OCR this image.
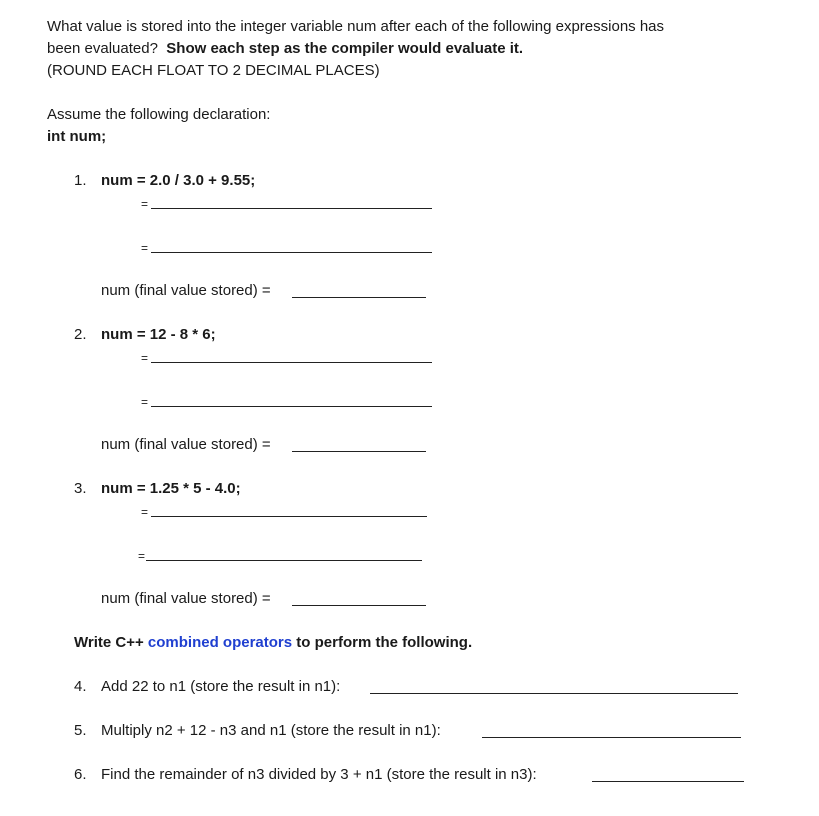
What value is stored into the integer variable num after each of the following expressions has
been evaluated? Show each step as the compiler would evaluate it.
(ROUND EACH FLOAT TO 2 DECIMAL PLACES)
Assume the following declaration:
int num;
1. num = 2.0 / 3.0 + 9.55;
=
=
num (final value stored) =
2. num = 12 - 8 * 6;
=
=
num (final value stored) =
3. num = 1.25 * 5 - 4.0;
=
=
num (final value stored) =
Write C++ combined operators to perform the following.
4. Add 22 to n1 (store the result in n1):
5. Multiply n2 + 12 - n3 and n1 (store the result in n1):
6. Find the remainder of n3 divided by 3 + n1 (store the result in n3):
